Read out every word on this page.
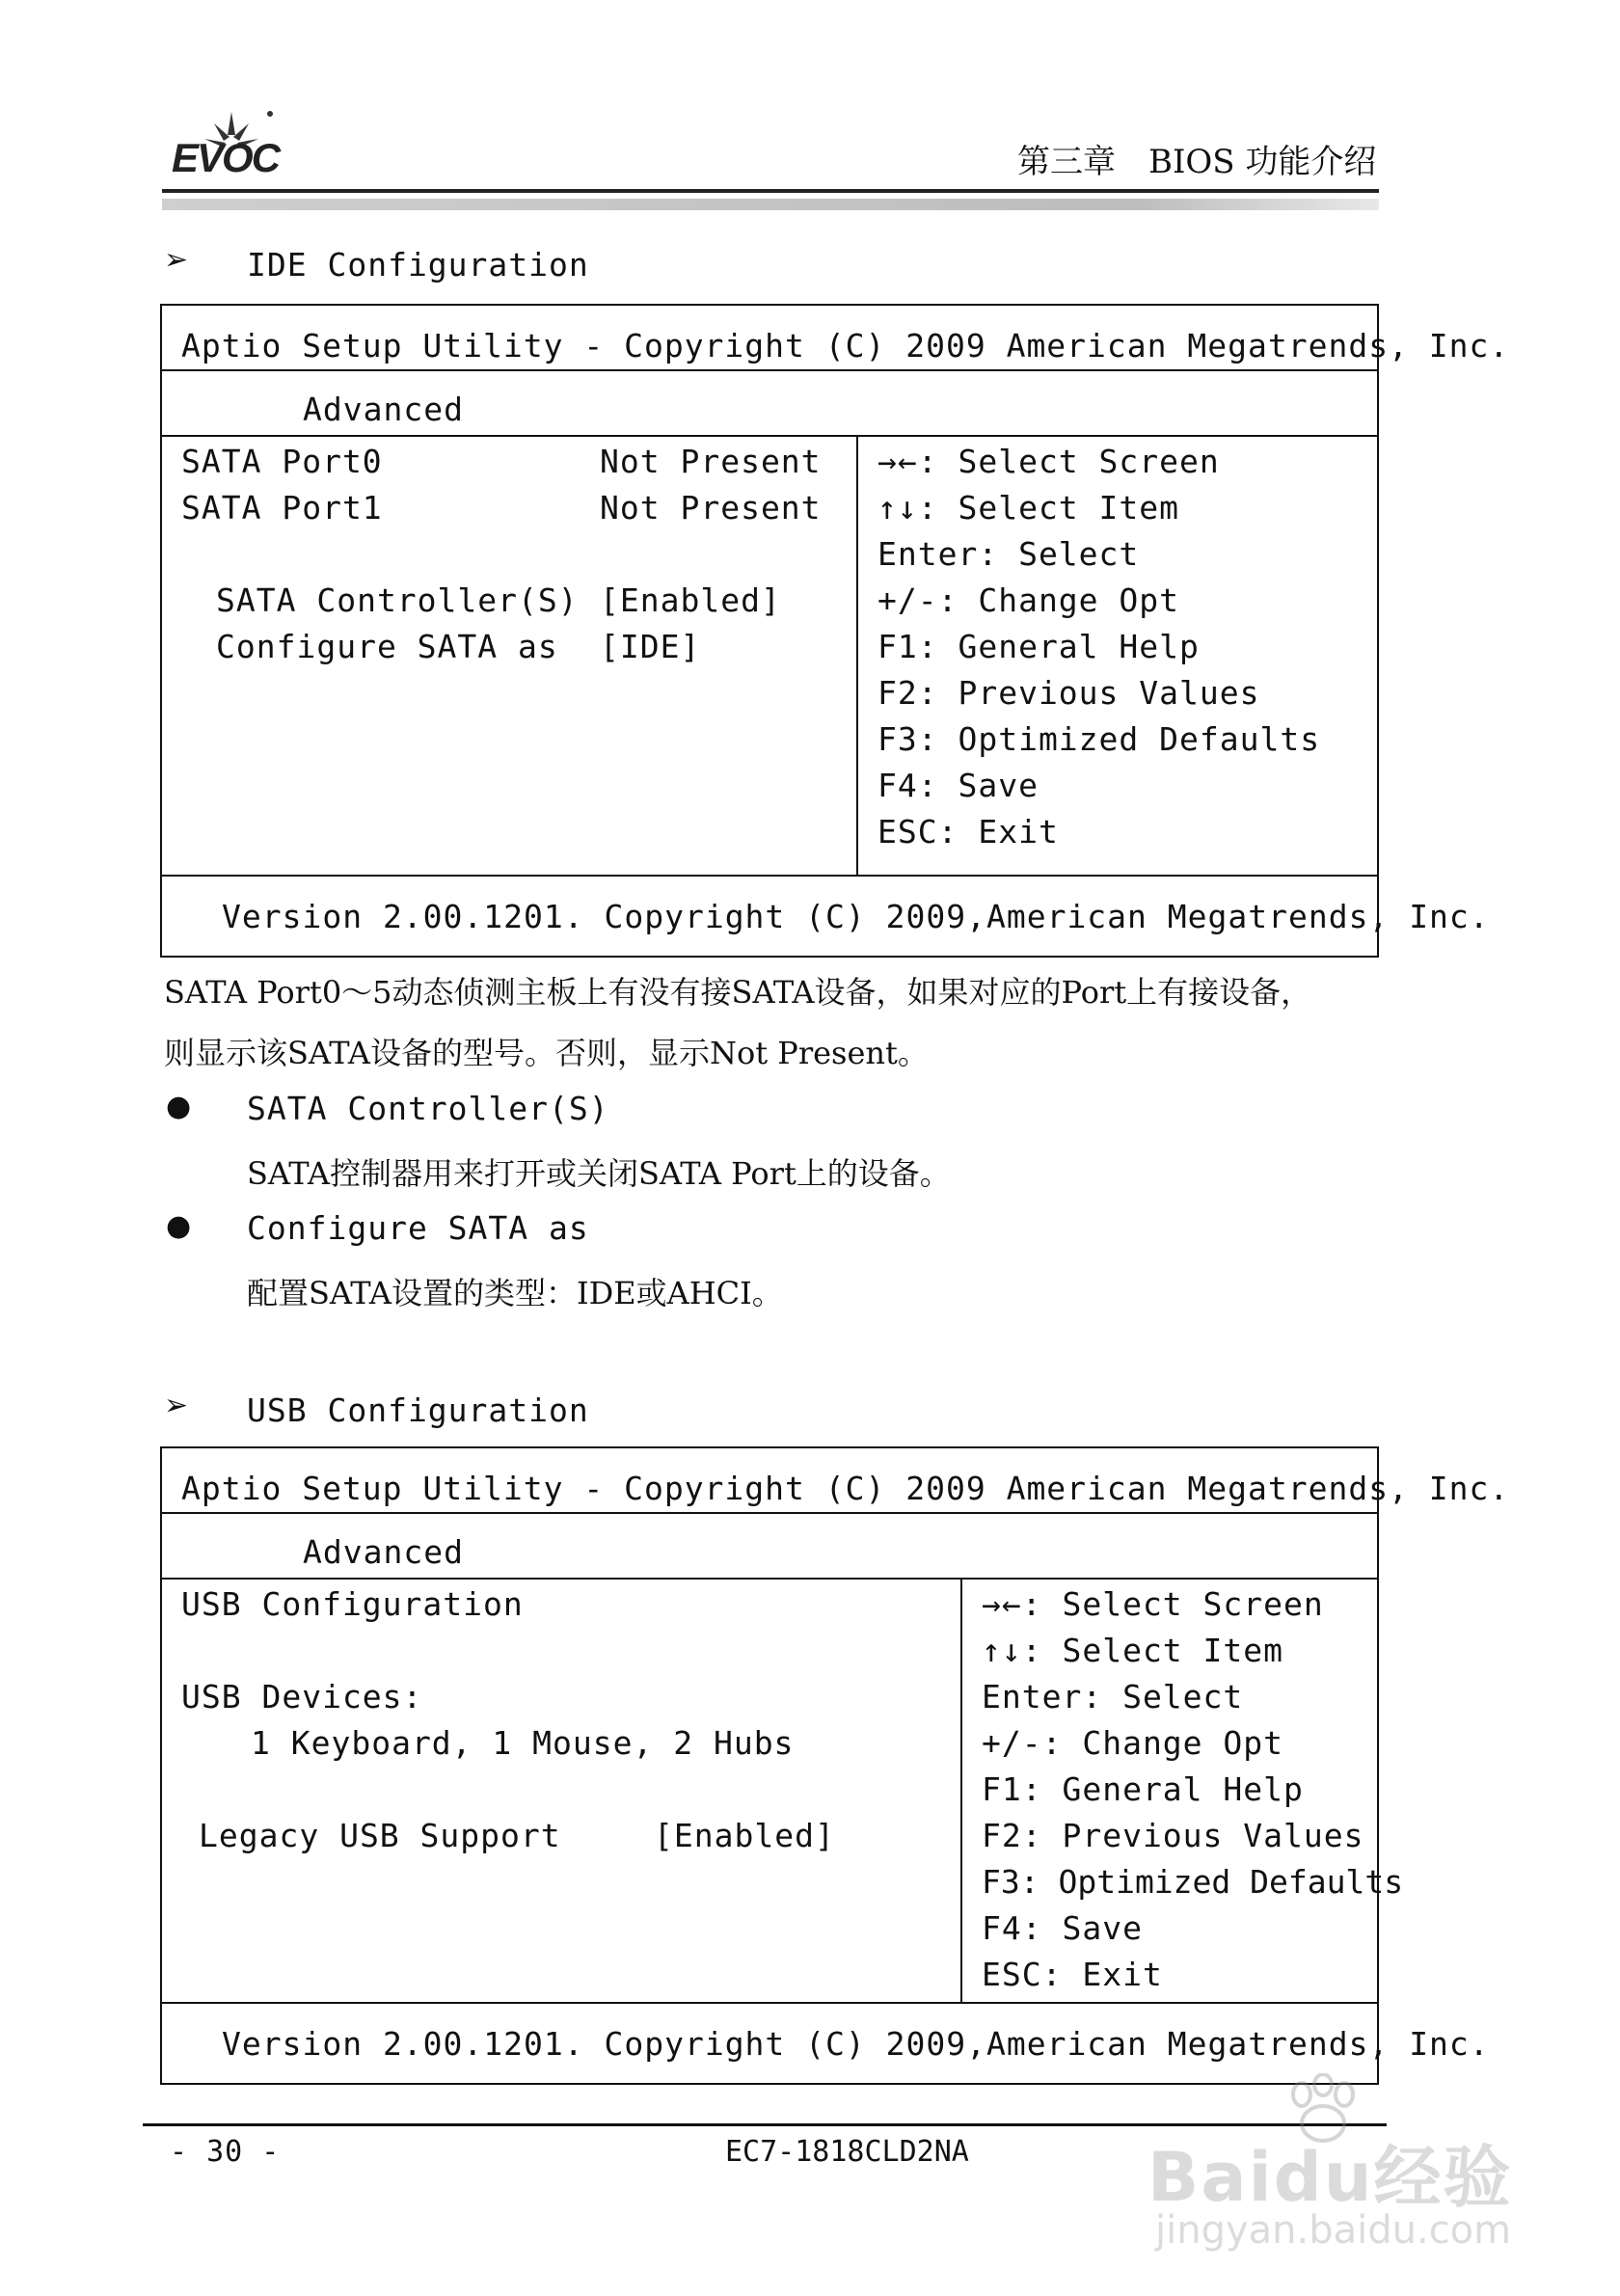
EVOC	第三章　BIOS 功能介绍
➢ IDE Configuration
Aptio Setup Utility - Copyright (C) 2009 American Megatrends, Inc.
Advanced
SATA Port0	Not Present
SATA Port1	Not Present
SATA Controller(S) [Enabled]
Configure SATA as [IDE]
→←: Select Screen
↑↓: Select Item
Enter: Select
+/-: Change Opt
F1: General Help
F2: Previous Values
F3: Optimized Defaults
F4: Save
ESC: Exit
Version 2.00.1201. Copyright (C) 2009,American Megatrends, Inc.
SATA Port0～5动态侦测主板上有没有接SATA设备，如果对应的Port上有接设备，
则显示该SATA设备的型号。否则，显示Not Present。
● SATA Controller(S)
SATA控制器用来打开或关闭SATA Port上的设备。
● Configure SATA as
配置SATA设置的类型：IDE或AHCI。
➢ USB Configuration
Aptio Setup Utility - Copyright (C) 2009 American Megatrends, Inc.
Advanced
USB Configuration
USB Devices:
1 Keyboard, 1 Mouse, 2 Hubs
Legacy USB Support	[Enabled]
→←: Select Screen
↑↓: Select Item
Enter: Select
+/-: Change Opt
F1: General Help
F2: Previous Values
F3: Optimized Defaults
F4: Save
ESC: Exit
Version 2.00.1201. Copyright (C) 2009,American Megatrends, Inc.
- 30 -	EC7-1818CLD2NA	Baidu经验
jingyan.baidu.com
